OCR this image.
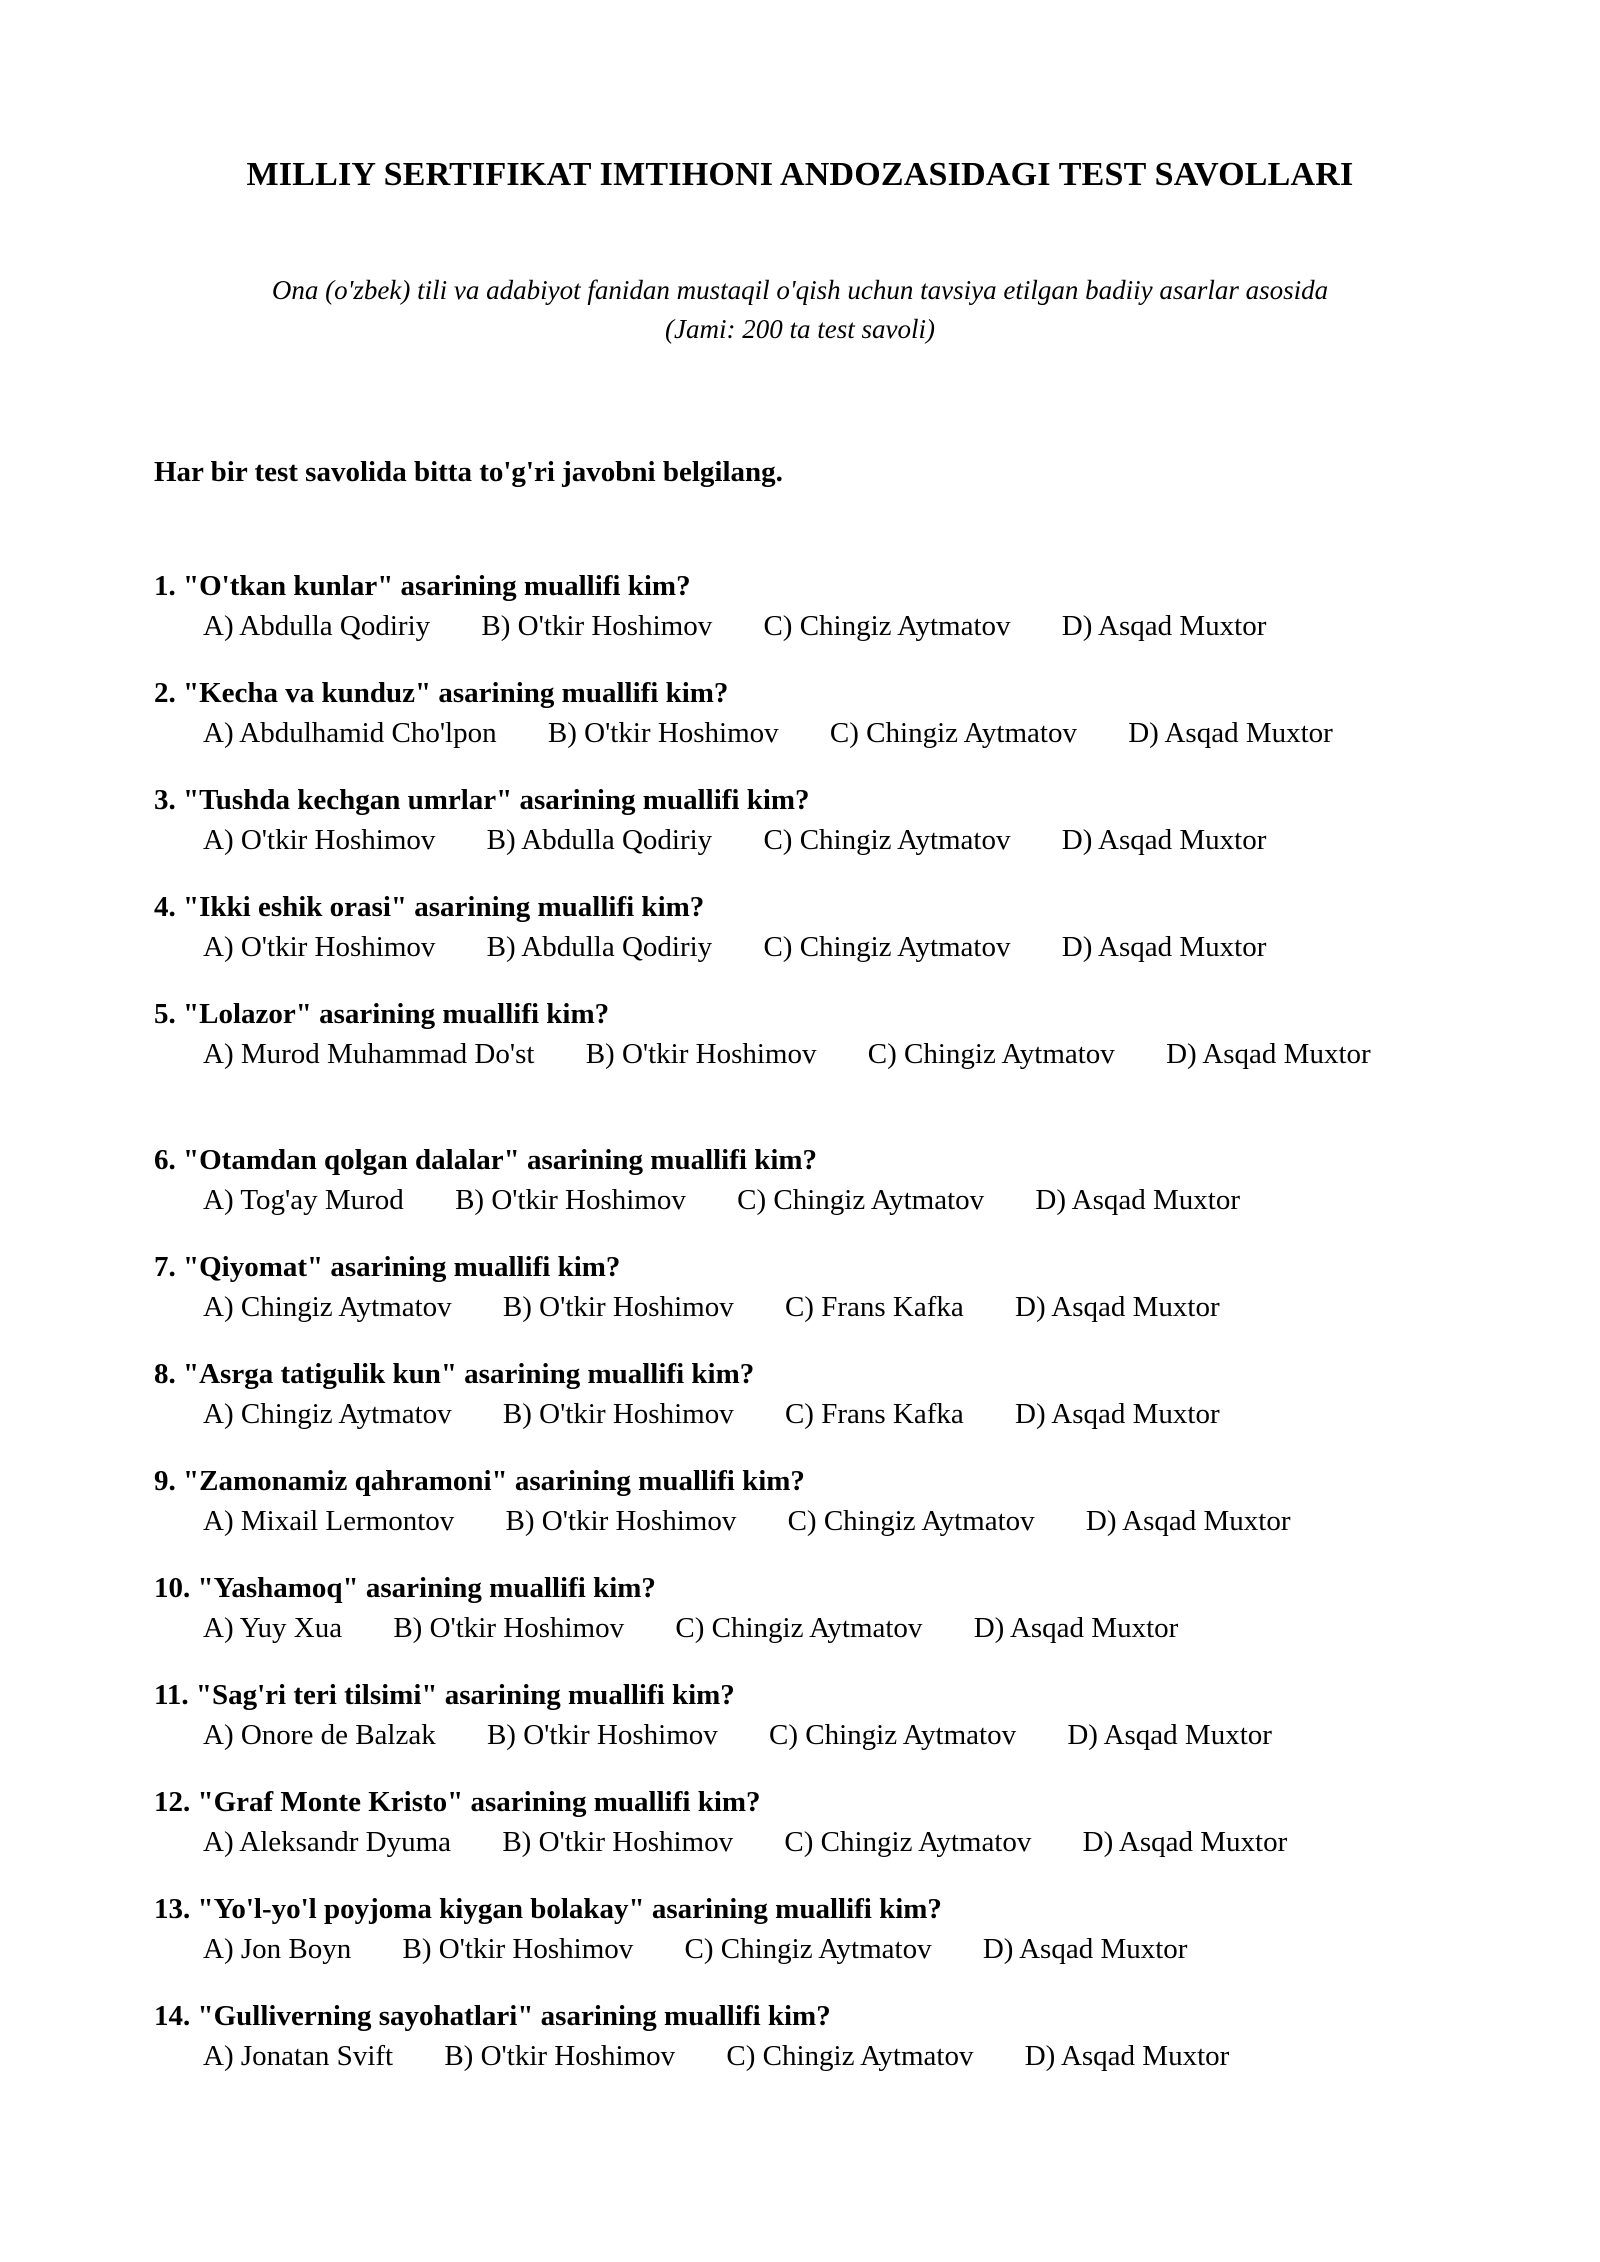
MILLIY SERTIFIKAT IMTIHONI ANDOZASIDAGI TEST SAVOLLARI
Ona (o'zbek) tili va adabiyot fanidan mustaqil o'qish uchun tavsiya etilgan badiiy asarlar asosida
(Jami: 200 ta test savoli)
Har bir test savolida bitta to'g'ri javobni belgilang.
1. "O'tkan kunlar" asarining muallifi kim?
A) Abdulla Qodiriy B) O'tkir Hoshimov C) Chingiz Aytmatov D) Asqad Muxtor
2. "Kecha va kunduz" asarining muallifi kim?
A) Abdulhamid Cho'lpon B) O'tkir Hoshimov C) Chingiz Aytmatov D) Asqad Muxtor
3. "Tushda kechgan umrlar" asarining muallifi kim?
A) O'tkir Hoshimov B) Abdulla Qodiriy C) Chingiz Aytmatov D) Asqad Muxtor
4. "Ikki eshik orasi" asarining muallifi kim?
A) O'tkir Hoshimov B) Abdulla Qodiriy C) Chingiz Aytmatov D) Asqad Muxtor
5. "Lolazor" asarining muallifi kim?
A) Murod Muhammad Do'st B) O'tkir Hoshimov C) Chingiz Aytmatov D) Asqad Muxtor
6. "Otamdan qolgan dalalar" asarining muallifi kim?
A) Tog'ay Murod B) O'tkir Hoshimov C) Chingiz Aytmatov D) Asqad Muxtor
7. "Qiyomat" asarining muallifi kim?
A) Chingiz Aytmatov B) O'tkir Hoshimov C) Frans Kafka D) Asqad Muxtor
8. "Asrga tatigulik kun" asarining muallifi kim?
A) Chingiz Aytmatov B) O'tkir Hoshimov C) Frans Kafka D) Asqad Muxtor
9. "Zamonamiz qahramoni" asarining muallifi kim?
A) Mixail Lermontov B) O'tkir Hoshimov C) Chingiz Aytmatov D) Asqad Muxtor
10. "Yashamoq" asarining muallifi kim?
A) Yuy Xua B) O'tkir Hoshimov C) Chingiz Aytmatov D) Asqad Muxtor
11. "Sag'ri teri tilsimi" asarining muallifi kim?
A) Onore de Balzak B) O'tkir Hoshimov C) Chingiz Aytmatov D) Asqad Muxtor
12. "Graf Monte Kristo" asarining muallifi kim?
A) Aleksandr Dyuma B) O'tkir Hoshimov C) Chingiz Aytmatov D) Asqad Muxtor
13. "Yo'l-yo'l poyjoma kiygan bolakay" asarining muallifi kim?
A) Jon Boyn B) O'tkir Hoshimov C) Chingiz Aytmatov D) Asqad Muxtor
14. "Gulliverning sayohatlari" asarining muallifi kim?
A) Jonatan Svift B) O'tkir Hoshimov C) Chingiz Aytmatov D) Asqad Muxtor
